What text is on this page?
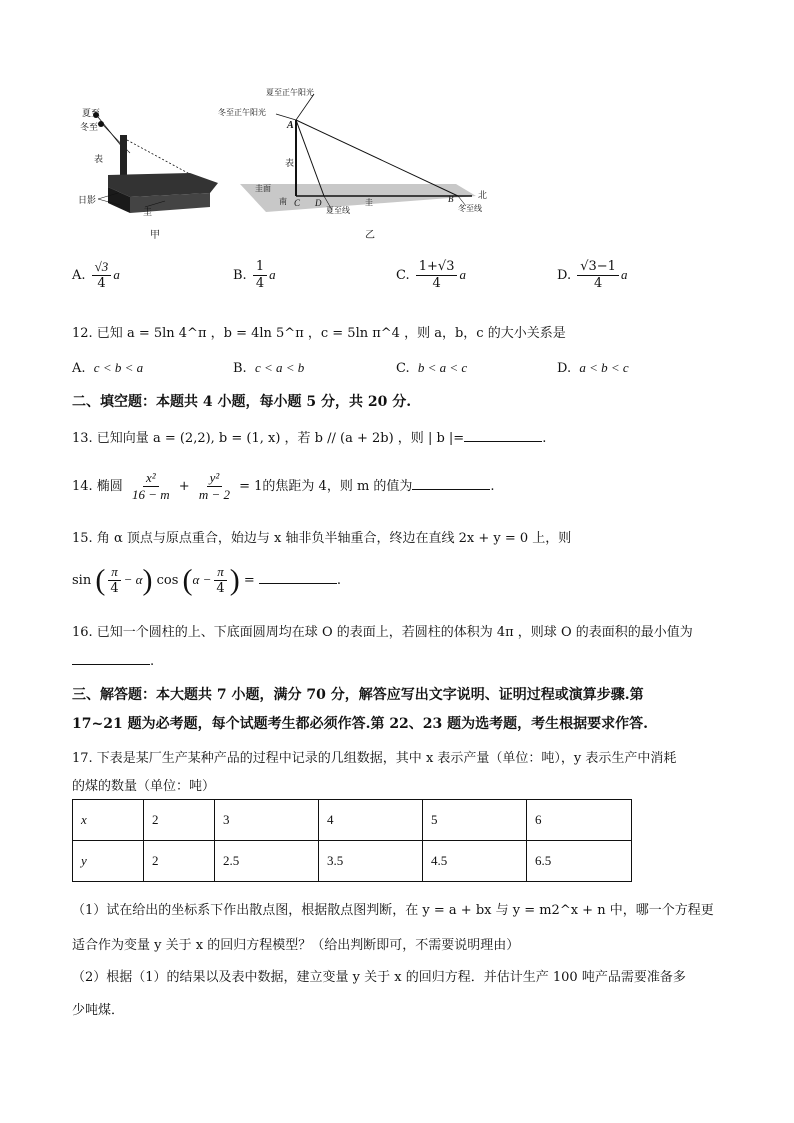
夏至
冬至
表
日影
圭
甲
夏至正午阳光
冬至正午阳光
A
表
圭面
南 C D
夏至线
圭	B	北
冬至线
乙
A. $\frac{√3}{4}$ a	B. $\frac{1}{4}$ a	C. $\frac{1+√3}{4}$ a	D. $\frac{√3-1}{4}$ a
12. 已知 a = 5ln 4^π ，b = 4ln 5^π ，c = 5ln π^4 ，则 a，b，c 的大小关系是
A. c < b < a	B. c < a < b	C. b < a < c	D. a < b < c
二、填空题：本题共 4 小题，每小题 5 分，共 20 分.
13. 已知向量 a = (2,2), b = (1, x) ，若 b // (a + 2b) ，则 | b |=	.
14. 椭圆 $\frac{\text{x²}}{16 - m} + \frac{\text{y²}}{m - 2} = 1$的焦距为 4，则 m 的值为	.
15. 角 α 顶点与原点重合，始边与 x 轴非负半轴重合，终边在直线 2x + y = 0 上，则
sin ( $\frac{\pi}{4} - \alpha$) $\cos (\alpha - \frac{\pi}{4}$ ) =	.
16. 已知一个圆柱的上、下底面圆周均在球 O 的表面上，若圆柱的体积为 4π ，则球 O 的表面积的最小值为
.
三、解答题：本大题共 7 小题，满分 70 分，解答应写出文字说明、证明过程或演算步骤.第
17~21 题为必考题，每个试题考生都必须作答.第 22、23 题为选考题，考生根据要求作答.
17. 下表是某厂生产某种产品的过程中记录的几组数据，其中 x 表示产量（单位：吨），y 表示生产中消耗
的煤的数量（单位：吨）
x	2	3	4	5	6
y	2	2.5	3.5	4.5	6.5
（1）试在给出的坐标系下作出散点图，根据散点图判断，在 y = a + bx 与 y = m2^x + n 中，哪一个方程更
适合作为变量 y 关于 x 的回归方程模型？（给出判断即可，不需要说明理由）
（2）根据（1）的结果以及表中数据，建立变量 y 关于 x 的回归方程．并估计生产 100 吨产品需要准备多
少吨煤．
